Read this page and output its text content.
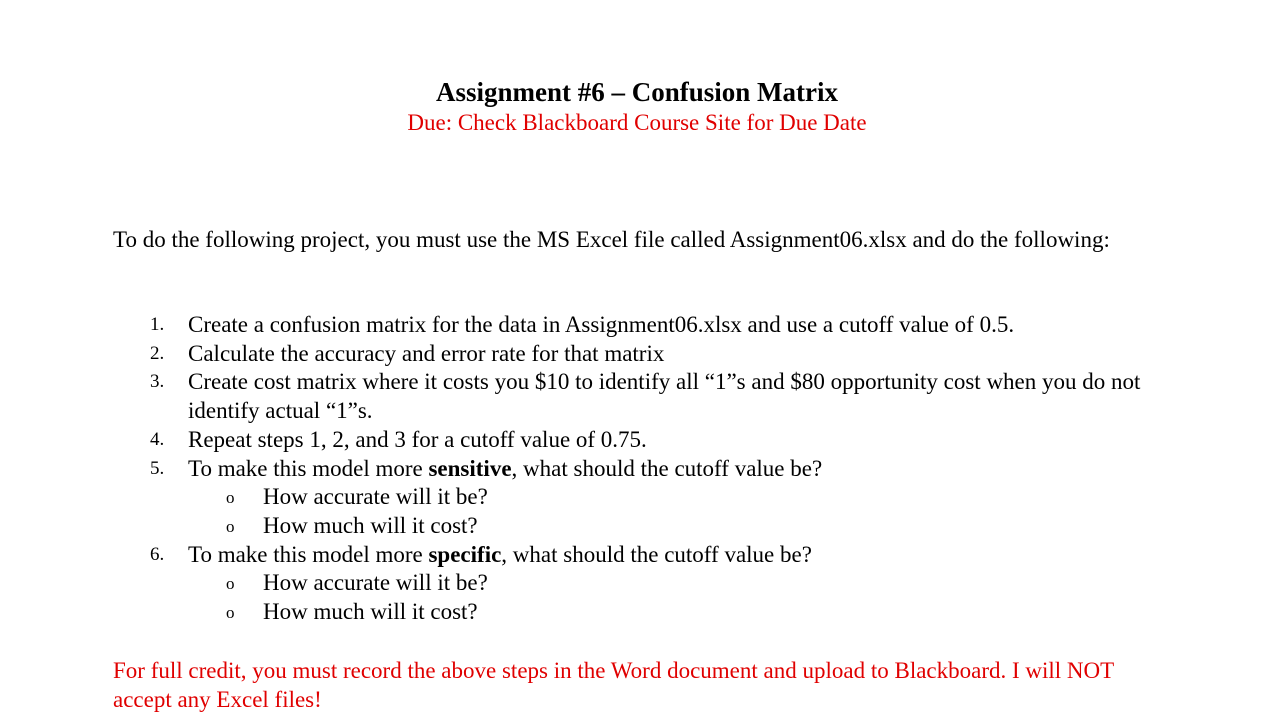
Assignment #6 – Confusion Matrix
Due: Check Blackboard Course Site for Due Date

To do the following project, you must use the MS Excel file called Assignment06.xlsx and do the following:

1. Create a confusion matrix for the data in Assignment06.xlsx and use a cutoff value of 0.5.
2. Calculate the accuracy and error rate for that matrix
3. Create cost matrix where it costs you $10 to identify all “1”s and $80 opportunity cost when you do not identify actual “1”s.
4. Repeat steps 1, 2, and 3 for a cutoff value of 0.75.
5. To make this model more sensitive, what should the cutoff value be?
o How accurate will it be?
o How much will it cost?
6. To make this model more specific, what should the cutoff value be?
o How accurate will it be?
o How much will it cost?

For full credit, you must record the above steps in the Word document and upload to Blackboard. I will NOT accept any Excel files!
